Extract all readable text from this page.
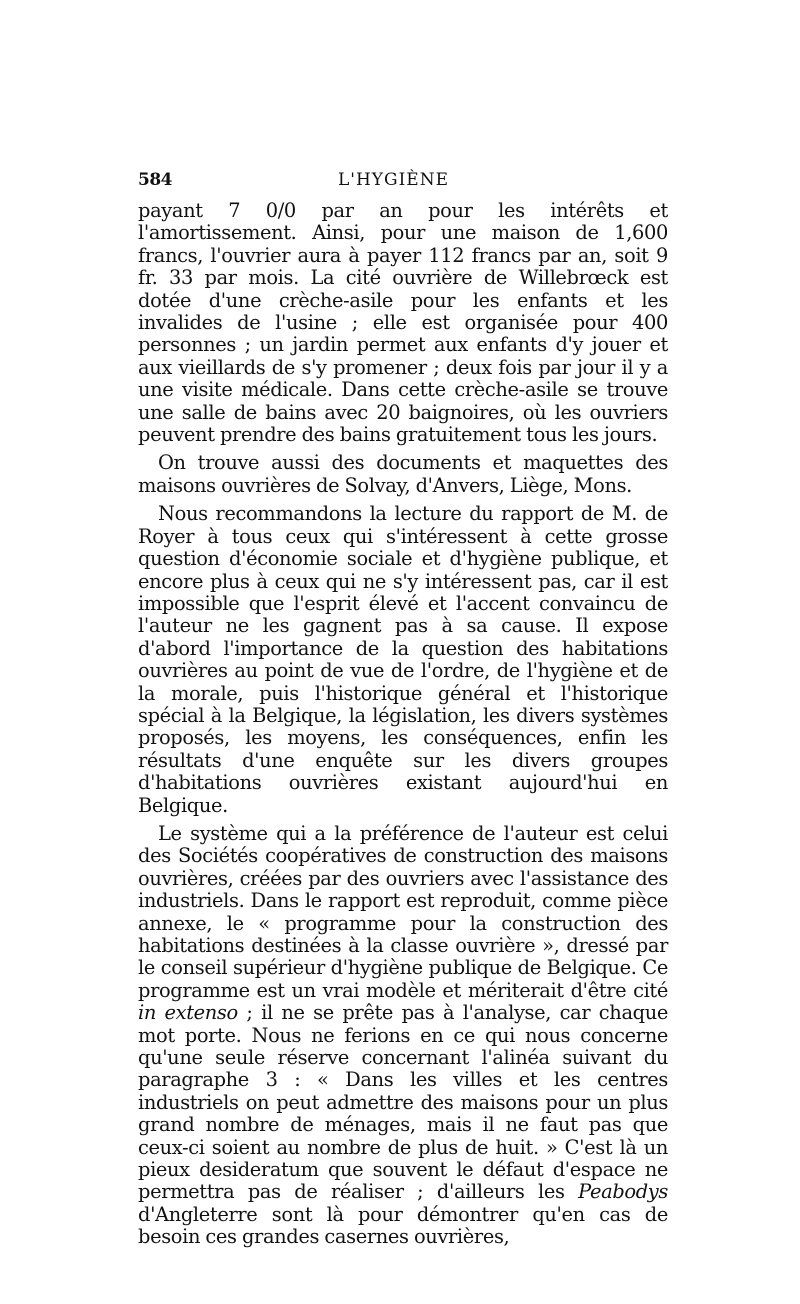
584	L'HYGIÈNE

payant 7 0/0 par an pour les intérêts et l'amortissement. Ainsi, pour une maison de 1,600 francs, l'ouvrier aura à payer 112 francs par an, soit 9 fr. 33 par mois. La cité ouvrière de Willebrœck est dotée d'une crèche-asile pour les enfants et les invalides de l'usine ; elle est organisée pour 400 personnes ; un jardin permet aux enfants d'y jouer et aux vieillards de s'y promener ; deux fois par jour il y a une visite médicale. Dans cette crèche-asile se trouve une salle de bains avec 20 baignoires, où les ouvriers peuvent prendre des bains gratuitement tous les jours.

On trouve aussi des documents et maquettes des maisons ouvrières de Solvay, d'Anvers, Liège, Mons.

Nous recommandons la lecture du rapport de M. de Royer à tous ceux qui s'intéressent à cette grosse question d'économie sociale et d'hygiène publique, et encore plus à ceux qui ne s'y intéressent pas, car il est impossible que l'esprit élevé et l'accent convaincu de l'auteur ne les gagnent pas à sa cause. Il expose d'abord l'importance de la question des habitations ouvrières au point de vue de l'ordre, de l'hygiène et de la morale, puis l'historique général et l'historique spécial à la Belgique, la législation, les divers systèmes proposés, les moyens, les conséquences, enfin les résultats d'une enquête sur les divers groupes d'habitations ouvrières existant aujourd'hui en Belgique.

Le système qui a la préférence de l'auteur est celui des Sociétés coopératives de construction des maisons ouvrières, créées par des ouvriers avec l'assistance des industriels. Dans le rapport est reproduit, comme pièce annexe, le « programme pour la construction des habitations destinées à la classe ouvrière », dressé par le conseil supérieur d'hygiène publique de Belgique. Ce programme est un vrai modèle et mériterait d'être cité in extenso ; il ne se prête pas à l'analyse, car chaque mot porte. Nous ne ferions en ce qui nous concerne qu'une seule réserve concernant l'alinéa suivant du paragraphe 3 : « Dans les villes et les centres industriels on peut admettre des maisons pour un plus grand nombre de ménages, mais il ne faut pas que ceux-ci soient au nombre de plus de huit. » C'est là un pieux desideratum que souvent le défaut d'espace ne permettra pas de réaliser ; d'ailleurs les Peabodys d'Angleterre sont là pour démontrer qu'en cas de besoin ces grandes casernes ouvrières,
